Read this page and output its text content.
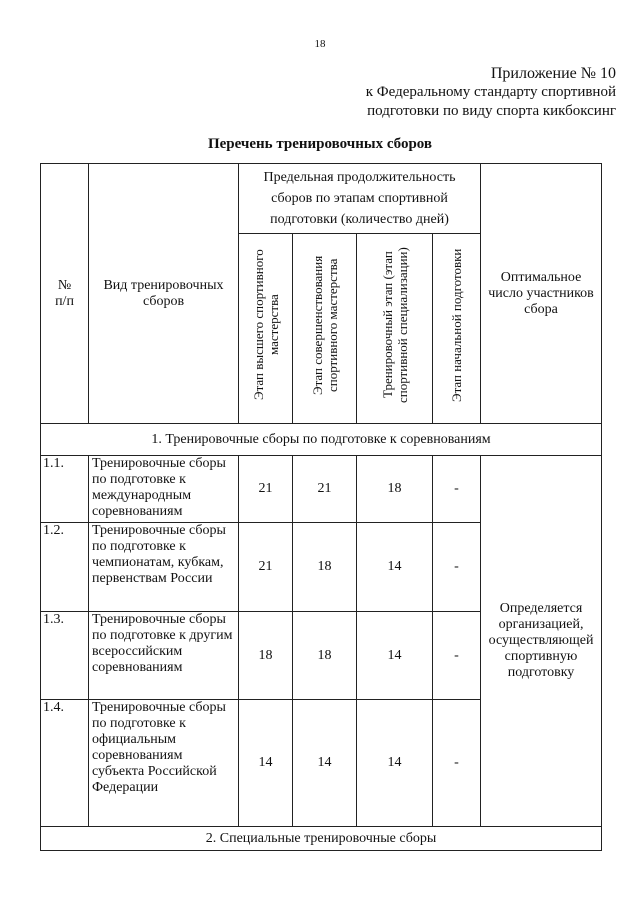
18
Приложение № 10
к Федеральному стандарту спортивной
подготовки по виду спорта кикбоксинг
Перечень тренировочных сборов
№ п/п	Вид тренировочных сборов	Предельная продолжительность сборов по этапам спортивной подготовки (количество дней)				Оптимальное число участников сбора

		Этап высшего спортивного мастерства	Этап совершенствования спортивного мастерства	Тренировочный этап (этап спортивной специализации)	Этап начальной подготовки	

1. Тренировочные сборы по подготовке к соревнованиям						
1.1.	Тренировочные сборы по подготовке к международным соревнованиям	21	21	18	-	Определяется организацией, осуществляющей спортивную подготовку
1.2.	Тренировочные сборы по подготовке к чемпионатам, кубкам, первенствам России	21	18	14	-	
1.3.	Тренировочные сборы по подготовке к другим всероссийским соревнованиям	18	18	14	-	
1.4.	Тренировочные сборы по подготовке к официальным соревнованиям субъекта Российской Федерации	14	14	14	-	
2. Специальные тренировочные сборы						
